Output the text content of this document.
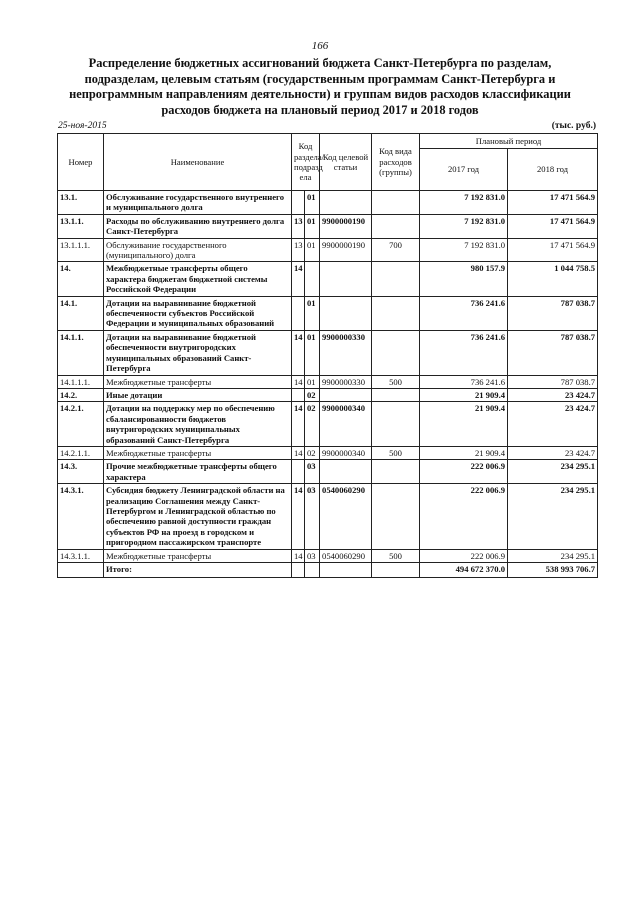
166
Распределение бюджетных ассигнований бюджета Санкт-Петербурга по разделам, подразделам, целевым статьям (государственным программам Санкт-Петербурга и непрограммным направлениям деятельности) и группам видов расходов классификации расходов бюджета на плановый период 2017 и 2018 годов
25-ноя-2015	(тыс. руб.)
Номер	Наименование	Код раздела/ подразд ела		Код целевой статьи	Код вида расходов (группы)	Плановый период	
						2017 год	2018 год
13.1.	Обслуживание государственного внутреннего и муниципального долга		01			7 192 831.0	17 471 564.9
13.1.1.	Расходы по обслуживанию внутреннего долга Санкт-Петербурга	13	01	9900000190		7 192 831.0	17 471 564.9
13.1.1.1.	Обслуживание государственного (муниципального) долга	13	01	9900000190	700	7 192 831.0	17 471 564.9
14.	Межбюджетные трансферты общего характера бюджетам бюджетной системы Российской Федерации	14				980 157.9	1 044 758.5
14.1.	Дотации на выравнивание бюджетной обеспеченности субъектов Российской Федерации и муниципальных образований		01			736 241.6	787 038.7
14.1.1.	Дотации на выравнивание бюджетной обеспеченности внутригородских муниципальных образований Санкт-Петербурга	14	01	9900000330		736 241.6	787 038.7
14.1.1.1.	Межбюджетные трансферты	14	01	9900000330	500	736 241.6	787 038.7
14.2.	Иные дотации		02			21 909.4	23 424.7
14.2.1.	Дотации на поддержку мер по обеспечению сбалансированности бюджетов внутригородских муниципальных образований Санкт-Петербурга	14	02	9900000340		21 909.4	23 424.7
14.2.1.1.	Межбюджетные трансферты	14	02	9900000340	500	21 909.4	23 424.7
14.3.	Прочие межбюджетные трансферты общего характера		03			222 006.9	234 295.1
14.3.1.	Субсидия бюджету Ленинградской области на реализацию Соглашения между Санкт-Петербургом и Ленинградской областью по обеспечению равной доступности граждан субъектов РФ на проезд в городском и пригородном пассажирском транспорте	14	03	0540060290		222 006.9	234 295.1
14.3.1.1.	Межбюджетные трансферты	14	03	0540060290	500	222 006.9	234 295.1
	Итого:					494 672 370.0	538 993 706.7
